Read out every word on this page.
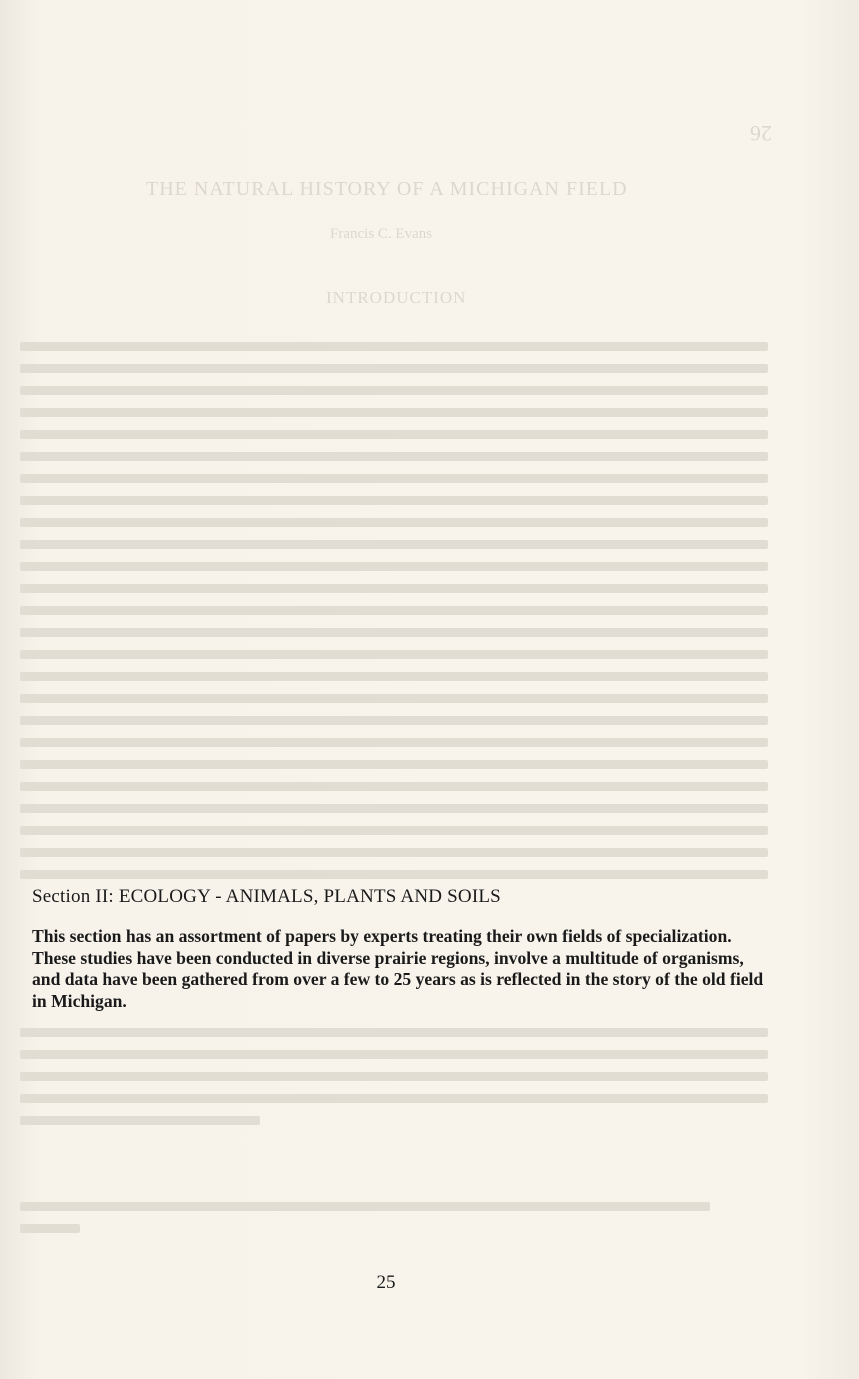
26
THE NATURAL HISTORY OF A MICHIGAN FIELD
Francis C. Evans
INTRODUCTION
Section II: ECOLOGY - ANIMALS, PLANTS AND SOILS

This section has an assortment of papers by experts treating their own fields of specialization. These studies have been conducted in diverse prairie regions, involve a multitude of organisms, and data have been gathered from over a few to 25 years as is reflected in the story of the old field in Michigan.

25
